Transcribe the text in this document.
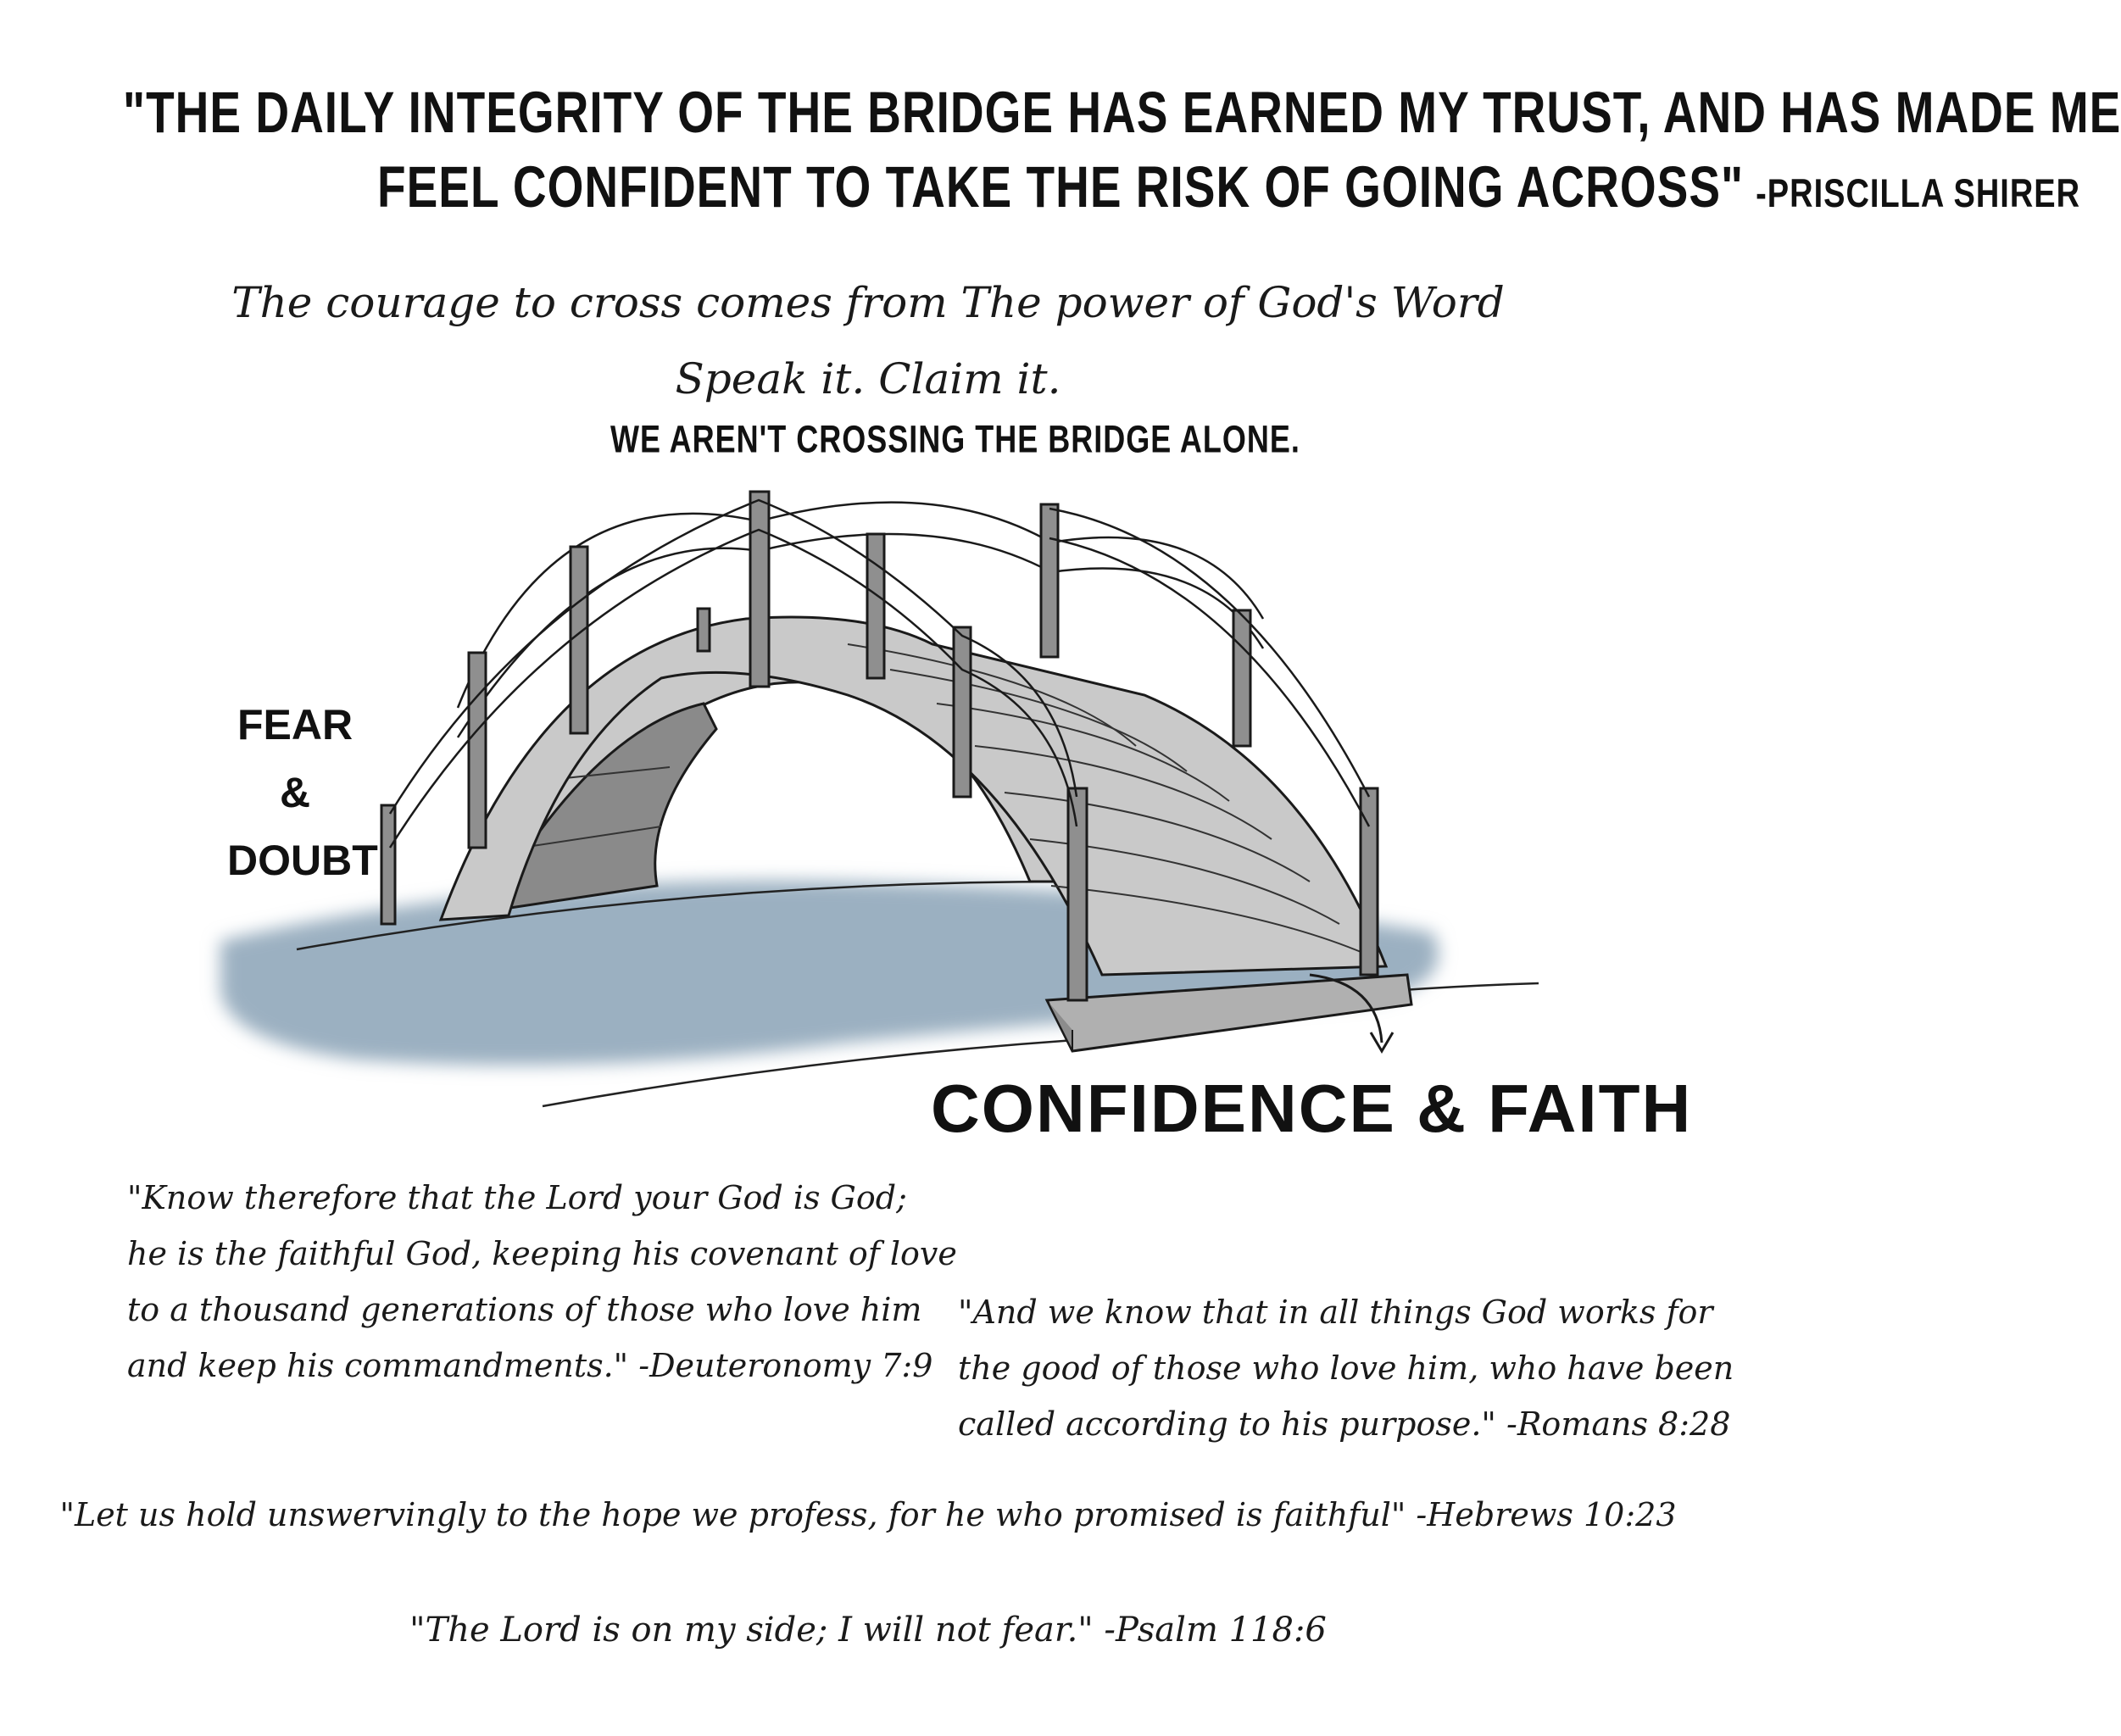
"THE DAILY INTEGRITY OF THE BRIDGE HAS EARNED MY TRUST, AND HAS MADE ME
FEEL CONFIDENT TO TAKE THE RISK OF GOING ACROSS" -PRISCILLA SHIRER
The courage to cross comes from The power of God's Word
Speak it. Claim it.
WE AREN'T CROSSING THE BRIDGE ALONE.
FEAR
&
DOUBT
CONFIDENCE & FAITH
"Know therefore that the Lord your God is God;
he is the faithful God, keeping his covenant of love
to a thousand generations of those who love him
and keep his commandments." -Deuteronomy 7:9
"And we know that in all things God works for
the good of those who love him, who have been
called according to his purpose." -Romans 8:28
"Let us hold unswervingly to the hope we profess, for he who promised is faithful" -Hebrews 10:23
"The Lord is on my side; I will not fear." -Psalm 118:6
